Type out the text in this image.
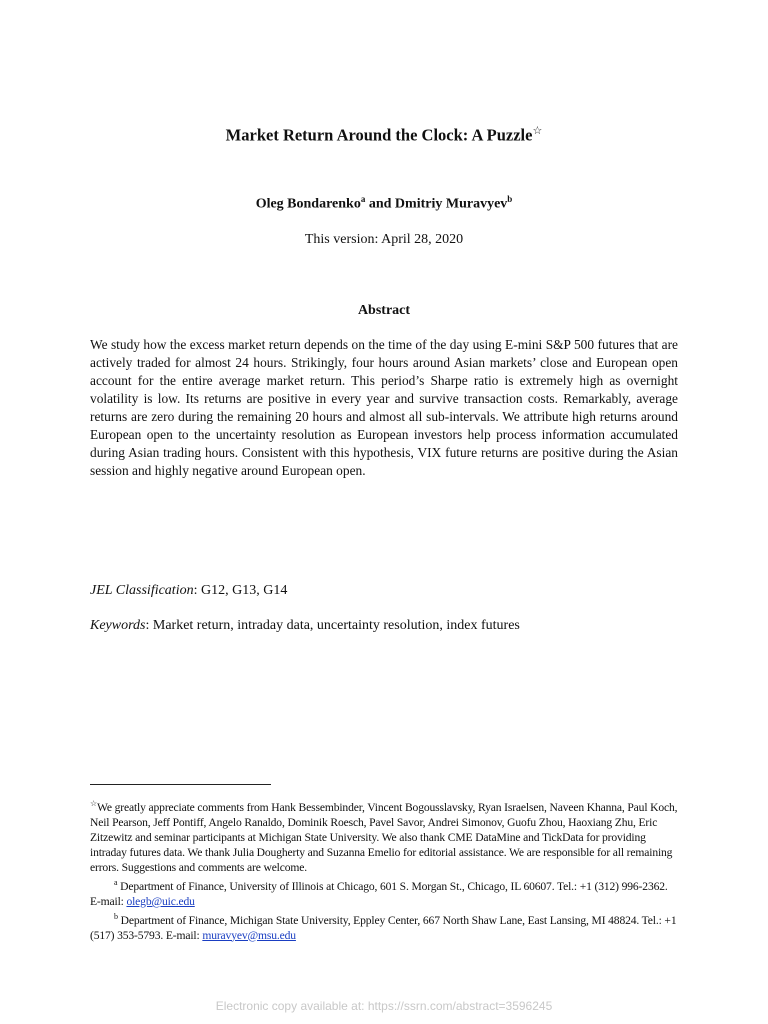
Market Return Around the Clock: A Puzzle☆
Oleg Bondarenko$^a$ and Dmitriy Muravyev$^b$
This version: April 28, 2020
Abstract

We study how the excess market return depends on the time of the day using E-mini S&P 500 futures that are actively traded for almost 24 hours. Strikingly, four hours around Asian markets’ close and European open account for the entire average market return. This period’s Sharpe ratio is extremely high as overnight volatility is low. Its returns are positive in every year and survive transaction costs. Remarkably, average returns are zero during the remaining 20 hours and almost all sub-intervals. We attribute high returns around European open to the uncertainty resolution as European investors help process information accumulated during Asian trading hours. Consistent with this hypothesis, VIX future returns are positive during the Asian session and highly negative around European open.

JEL Classification: G12, G13, G14
Keywords: Market return, intraday data, uncertainty resolution, index futures

☆We greatly appreciate comments from Hank Bessembinder, Vincent Bogousslavsky, Ryan Israelsen, Naveen Khanna, Paul Koch, Neil Pearson, Jeff Pontiff, Angelo Ranaldo, Dominik Roesch, Pavel Savor, Andrei Simonov, Guofu Zhou, Haoxiang Zhu, Eric Zitzewitz and seminar participants at Michigan State University. We also thank CME DataMine and TickData for providing intraday futures data. We thank Julia Dougherty and Suzanna Emelio for editorial assistance. We are responsible for all remaining errors. Suggestions and comments are welcome.

$^a$ Department of Finance, University of Illinois at Chicago, 601 S. Morgan St., Chicago, IL 60607. Tel.: +1 (312) 996-2362. E-mail: olegb@uic.edu

$^b$ Department of Finance, Michigan State University, Eppley Center, 667 North Shaw Lane, East Lansing, MI 48824. Tel.: +1 (517) 353-5793. E-mail: muravyev@msu.edu

Electronic copy available at: https://ssrn.com/abstract=3596245
